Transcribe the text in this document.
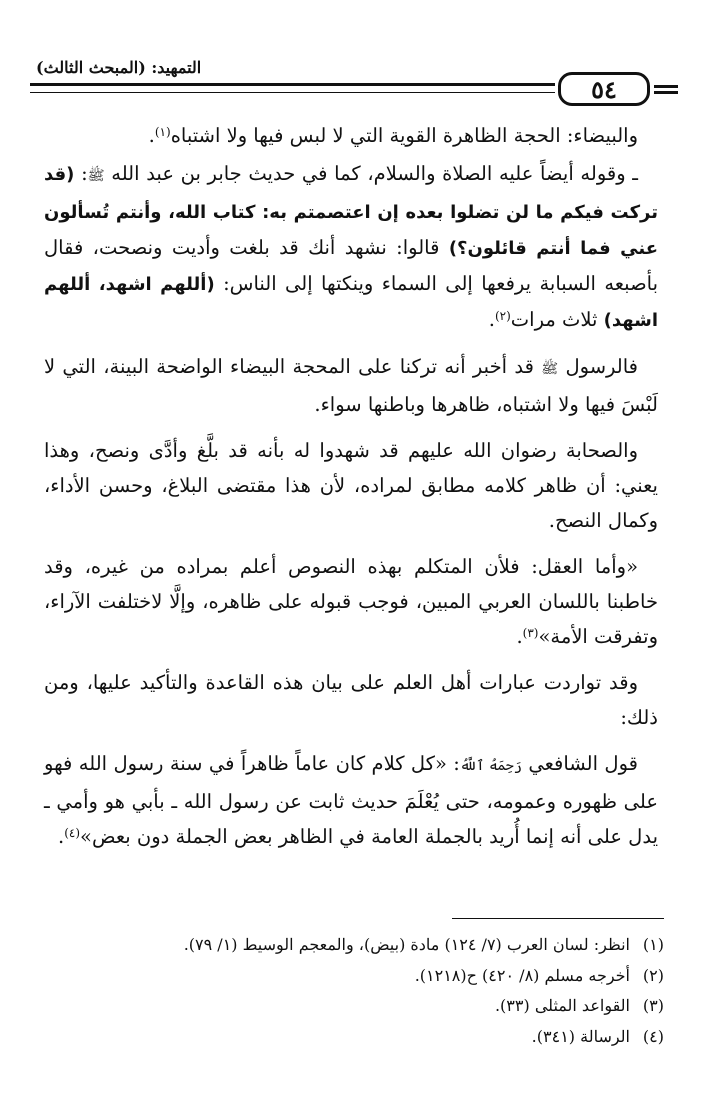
٥٤
التمهيد: (المبحث الثالث)

والبيضاء: الحجة الظاهرة القوية التي لا لبس فيها ولا اشتباه$^{(١)}$.

ـ وقوله أيضاً عليه الصلاة والسلام، كما في حديث جابر بن عبد الله ﷺ: (قد تركت فيكم ما لن تضلوا بعده إن اعتصمتم به: كتاب الله، وأنتم تُسألون عني فما أنتم قائلون؟) قالوا: نشهد أنك قد بلغت وأديت ونصحت، فقال بأصبعه السبابة يرفعها إلى السماء وينكتها إلى الناس: (أللهم اشهد، أللهم اشهد) ثلاث مرات$^{(٢)}$.

فالرسول ﷺ قد أخبر أنه تركنا على المحجة البيضاء الواضحة البينة، التي لا لَبْسَ فيها ولا اشتباه، ظاهرها وباطنها سواء.

والصحابة رضوان الله عليهم قد شهدوا له بأنه قد بلَّغ وأدَّى ونصح، وهذا يعني: أن ظاهر كلامه مطابق لمراده، لأن هذا مقتضى البلاغ، وحسن الأداء، وكمال النصح.

«وأما العقل: فلأن المتكلم بهذه النصوص أعلم بمراده من غيره، وقد خاطبنا باللسان العربي المبين، فوجب قبوله على ظاهره، وإلَّا لاختلفت الآراء، وتفرقت الأمة»$^{(٣)}$.

وقد تواردت عبارات أهل العلم على بيان هذه القاعدة والتأكيد عليها، ومن ذلك:

قول الشافعي رَحِمَهُ ٱللَّهُ: «كل كلام كان عاماً ظاهراً في سنة رسول الله فهو على ظهوره وعمومه، حتى يُعْلَمَ حديث ثابت عن رسول الله ـ بأبي هو وأمي ـ يدل على أنه إنما أُريد بالجملة العامة في الظاهر بعض الجملة دون بعض»$^{(٤)}$.

(١)انظر: لسان العرب (٧/ ١٢٤) مادة (بيض)، والمعجم الوسيط (١/ ٧٩).
(٢)أخرجه مسلم (٨/ ٤٢٠) ح(١٢١٨).
(٣)القواعد المثلى (٣٣).
(٤)الرسالة (٣٤١).
